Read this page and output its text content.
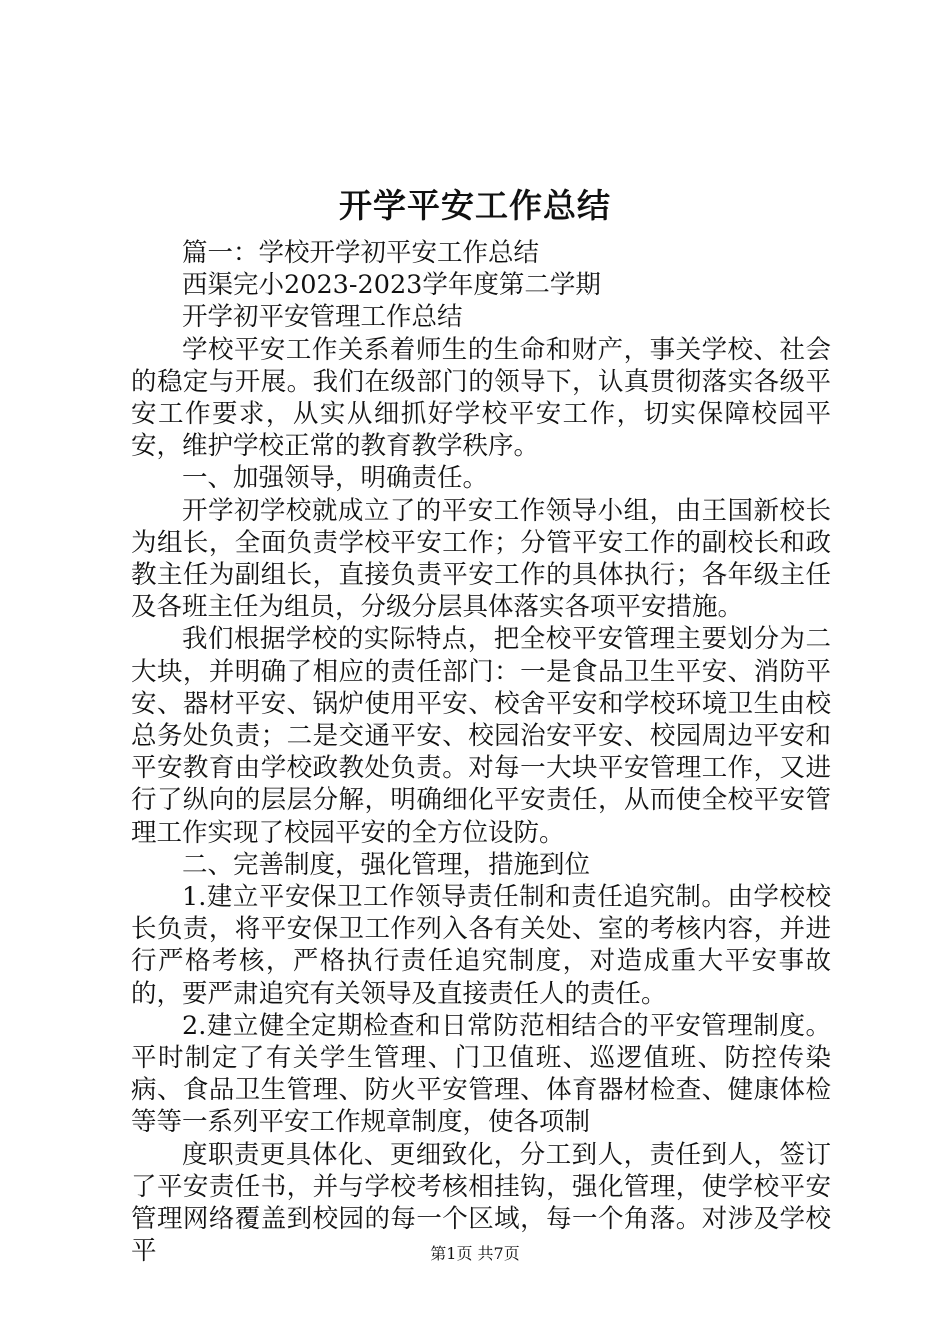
开学平安工作总结

篇一：学校开学初平安工作总结

西渠完小2023-2023学年度第二学期

开学初平安管理工作总结

学校平安工作关系着师生的生命和财产，事关学校、社会的稳定与开展。我们在级部门的领导下，认真贯彻落实各级平安工作要求，从实从细抓好学校平安工作，切实保障校园平安，维护学校正常的教育教学秩序。

一、加强领导，明确责任。

开学初学校就成立了的平安工作领导小组，由王国新校长为组长，全面负责学校平安工作；分管平安工作的副校长和政教主任为副组长，直接负责平安工作的具体执行；各年级主任及各班主任为组员，分级分层具体落实各项平安措施。

我们根据学校的实际特点，把全校平安管理主要划分为二大块，并明确了相应的责任部门：一是食品卫生平安、消防平安、器材平安、锅炉使用平安、校舍平安和学校环境卫生由校总务处负责；二是交通平安、校园治安平安、校园周边平安和平安教育由学校政教处负责。对每一大块平安管理工作，又进行了纵向的层层分解，明确细化平安责任，从而使全校平安管理工作实现了校园平安的全方位设防。

二、完善制度，强化管理，措施到位

1.建立平安保卫工作领导责任制和责任追究制。由学校校长负责，将平安保卫工作列入各有关处、室的考核内容，并进行严格考核，严格执行责任追究制度，对造成重大平安事故的，要严肃追究有关领导及直接责任人的责任。

2.建立健全定期检查和日常防范相结合的平安管理制度。平时制定了有关学生管理、门卫值班、巡逻值班、防控传染病、食品卫生管理、防火平安管理、体育器材检查、健康体检等等一系列平安工作规章制度，使各项制

度职责更具体化、更细致化，分工到人，责任到人，签订了平安责任书，并与学校考核相挂钩，强化管理，使学校平安管理网络覆盖到校园的每一个区域，每一个角落。对涉及学校平	第1页 共7页
